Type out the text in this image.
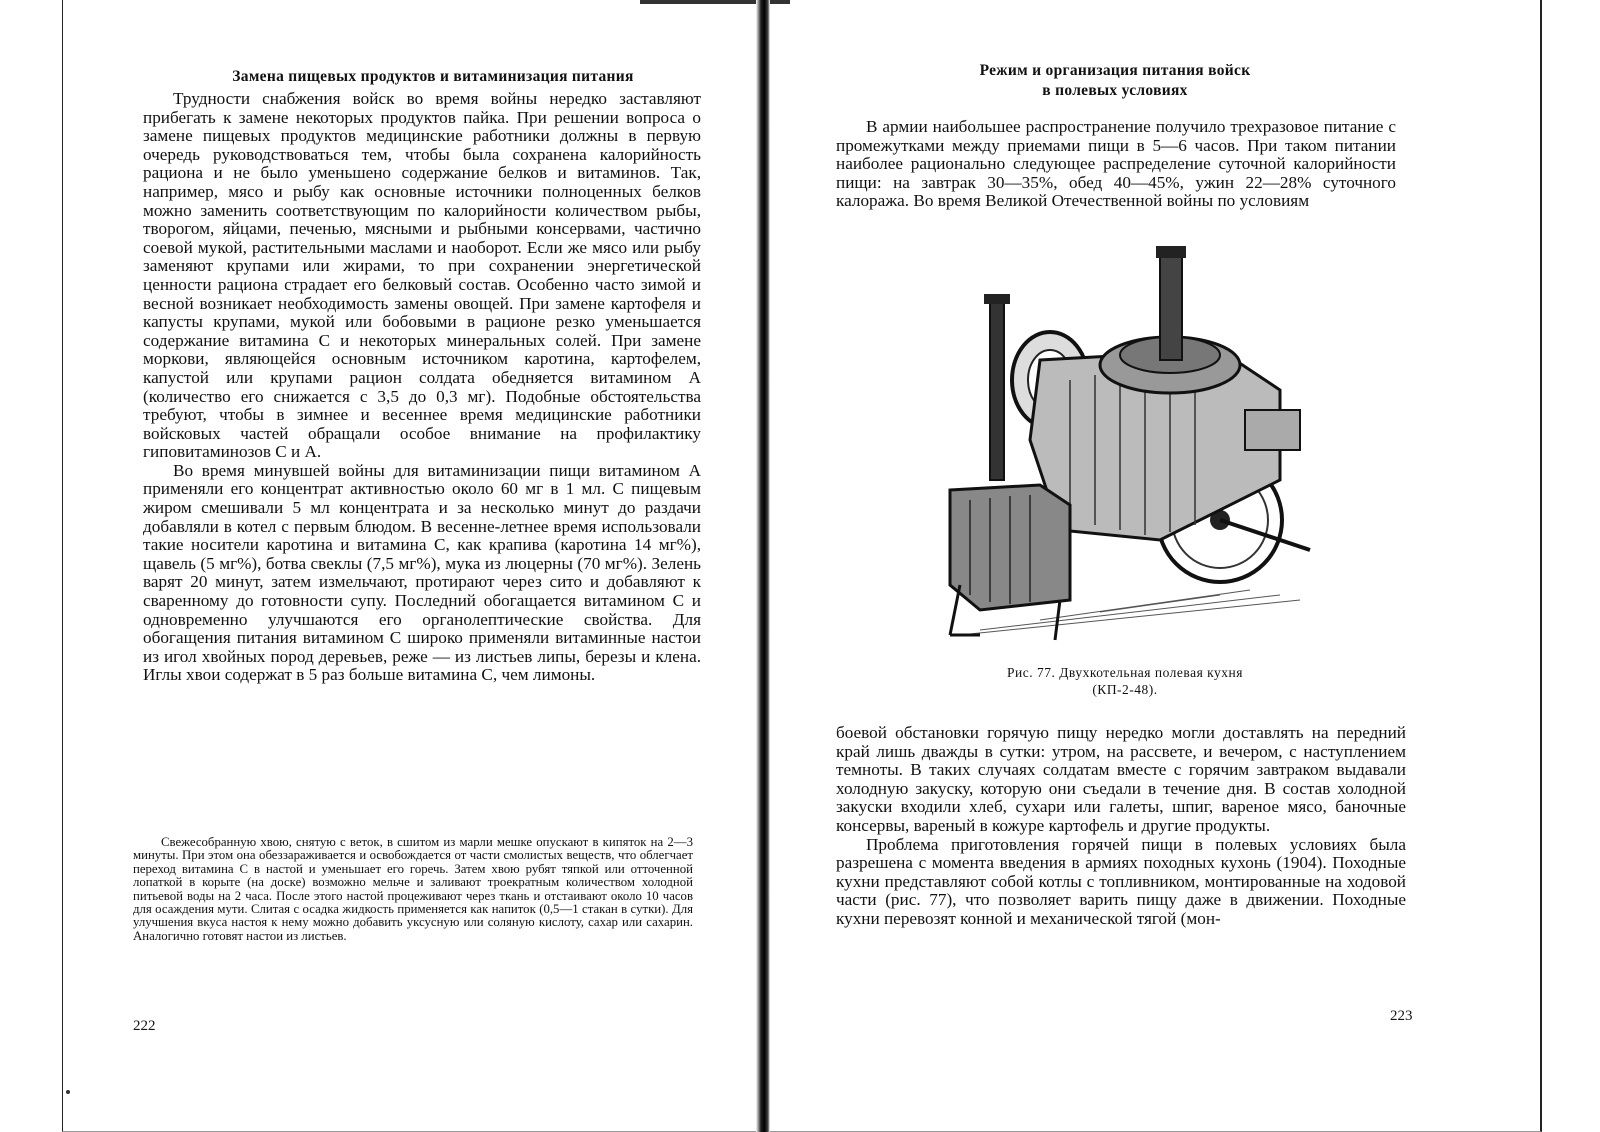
Замена пищевых продуктов и витаминизация питания

Трудности снабжения войск во время войны нередко заставляют прибегать к замене некоторых продуктов пайка. При решении вопроса о замене пищевых продуктов медицинские работники должны в первую очередь руководствоваться тем, чтобы была сохранена калорийность рациона и не было уменьшено содержание белков и витаминов. Так, например, мясо и рыбу как основные источники полноценных белков можно заменить соответствующим по калорийности количеством рыбы, творогом, яйцами, печенью, мясными и рыбными консервами, частично соевой мукой, растительными маслами и наоборот. Если же мясо или рыбу заменяют крупами или жирами, то при сохранении энергетической ценности рациона страдает его белковый состав. Особенно часто зимой и весной возникает необходимость замены овощей. При замене картофеля и капусты крупами, мукой или бобовыми в рационе резко уменьшается содержание витамина С и некоторых минеральных солей. При замене моркови, являющейся основным источником каротина, картофелем, капустой или крупами рацион солдата обедняется витамином А (количество его снижается с 3,5 до 0,3 мг). Подобные обстоятельства требуют, чтобы в зимнее и весеннее время медицинские работники войсковых частей обращали особое внимание на профилактику гиповитаминозов С и А.

Во время минувшей войны для витаминизации пищи витамином А применяли его концентрат активностью около 60 мг в 1 мл. С пищевым жиром смешивали 5 мл концентрата и за несколько минут до раздачи добавляли в котел с первым блюдом. В весенне-летнее время использовали такие носители каротина и витамина С, как крапива (каротина 14 мг%), щавель (5 мг%), ботва свеклы (7,5 мг%), мука из люцерны (70 мг%). Зелень варят 20 минут, затем измельчают, протирают через сито и добавляют к сваренному до готовности супу. Последний обогащается витамином С и одновременно улучшаются его органолептические свойства. Для обогащения питания витамином С широко применяли витаминные настои из игол хвойных пород деревьев, реже — из листьев липы, березы и клена. Иглы хвои содержат в 5 раз больше витамина С, чем лимоны.

Свежесобранную хвою, снятую с веток, в сшитом из марли мешке опускают в кипяток на 2—3 минуты. При этом она обеззараживается и освобождается от части смолистых веществ, что облегчает переход витамина С в настой и уменьшает его горечь. Затем хвою рубят тяпкой или отточенной лопаткой в корыте (на доске) возможно мельче и заливают троекратным количеством холодной питьевой воды на 2 часа. После этого настой процеживают через ткань и отстаивают около 10 часов для осаждения мути. Слитая с осадка жидкость применяется как напиток (0,5—1 стакан в сутки). Для улучшения вкуса настоя к нему можно добавить уксусную или соляную кислоту, сахар или сахарин. Аналогично готовят настои из листьев.

222
Режим и организация питания войск
в полевых условиях

В армии наибольшее распространение получило трехразовое питание с промежутками между приемами пищи в 5—6 часов. При таком питании наиболее рационально следующее распределение суточной калорийности пищи: на завтрак 30—35%, обед 40—45%, ужин 22—28% суточного калоража. Во время Великой Отечественной войны по условиям

Рис. 77. Двухкотельная полевая кухня
(КП-2-48).

боевой обстановки горячую пищу нередко могли доставлять на передний край лишь дважды в сутки: утром, на рассвете, и вечером, с наступлением темноты. В таких случаях солдатам вместе с горячим завтраком выдавали холодную закуску, которую они съедали в течение дня. В состав холодной закуски входили хлеб, сухари или галеты, шпиг, вареное мясо, баночные консервы, вареный в кожуре картофель и другие продукты.

Проблема приготовления горячей пищи в полевых условиях была разрешена с момента введения в армиях походных кухонь (1904). Походные кухни представляют собой котлы с топливником, монтированные на ходовой части (рис. 77), что позволяет варить пищу даже в движении. Походные кухни перевозят конной и механической тягой (мон-

223
